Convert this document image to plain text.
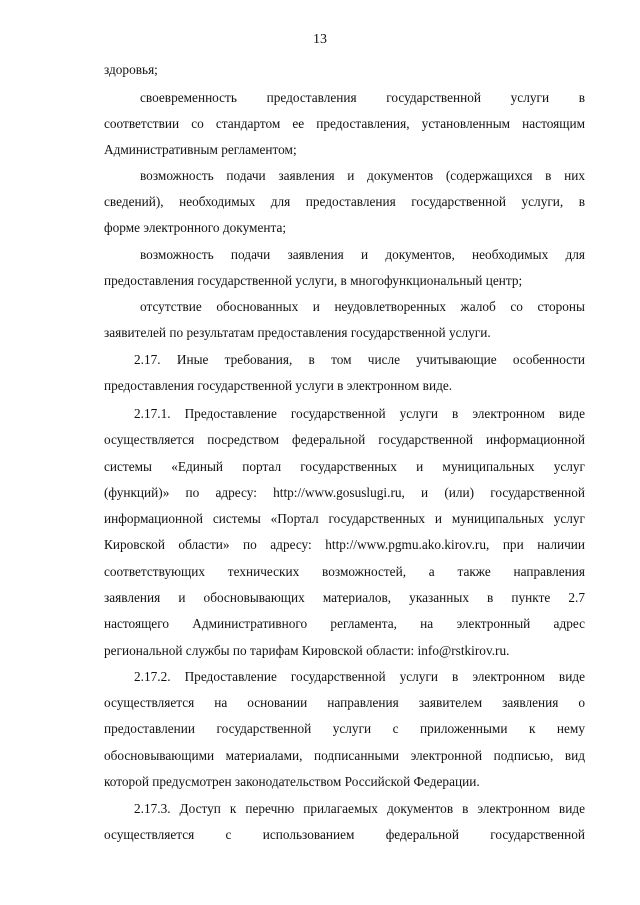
13
здоровья;
своевременность предоставления государственной услуги в
соответствии со стандартом ее предоставления, установленным настоящим
Административным регламентом;
возможность подачи заявления и документов (содержащихся в них
сведений), необходимых для предоставления государственной услуги, в
форме электронного документа;
возможность подачи заявления и документов, необходимых для
предоставления государственной услуги, в многофункциональный центр;
отсутствие обоснованных и неудовлетворенных жалоб со стороны
заявителей по результатам предоставления государственной услуги.
2.17. Иные требования, в том числе учитывающие особенности
предоставления государственной услуги в электронном виде.
2.17.1. Предоставление государственной услуги в электронном виде
осуществляется посредством федеральной государственной информационной
системы «Единый портал государственных и муниципальных услуг
(функций)» по адресу: http://www.gosuslugi.ru, и (или) государственной
информационной системы «Портал государственных и муниципальных услуг
Кировской области» по адресу: http://www.pgmu.ako.kirov.ru, при наличии
соответствующих технических возможностей, а также направления
заявления и обосновывающих материалов, указанных в пункте 2.7
настоящего Административного регламента, на электронный адрес
региональной службы по тарифам Кировской области: info@rstkirov.ru.
2.17.2. Предоставление государственной услуги в электронном виде
осуществляется на основании направления заявителем заявления о
предоставлении государственной услуги с приложенными к нему
обосновывающими материалами, подписанными электронной подписью, вид
которой предусмотрен законодательством Российской Федерации.
2.17.3. Доступ к перечню прилагаемых документов в электронном виде
осуществляется с использованием федеральной государственной
